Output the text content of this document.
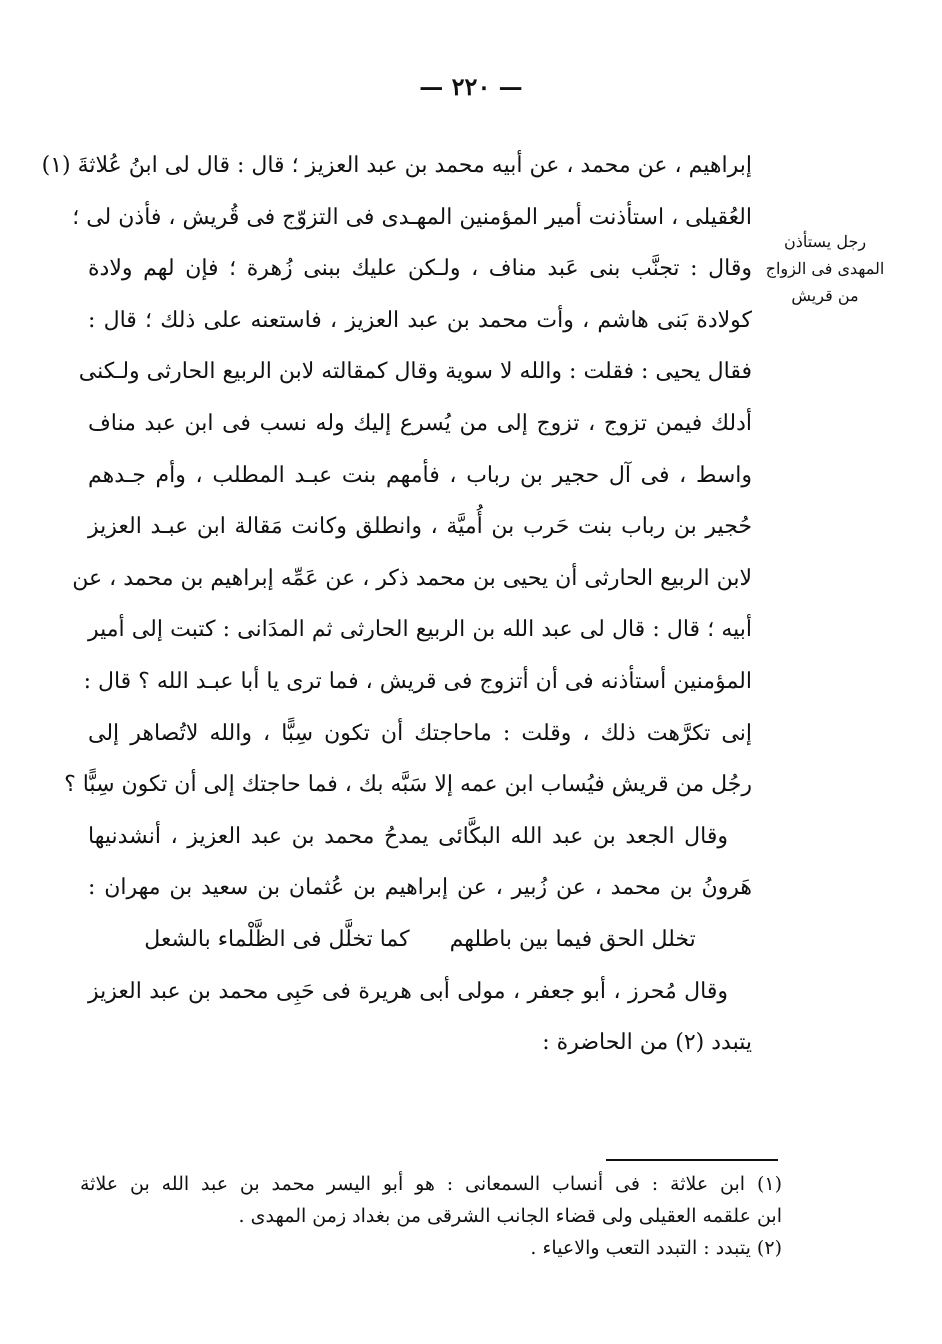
— ٢٢٠ —
رجل يستأذن
المهدى فى الزواج
من قريش
إبراهيم ، عن محمد ، عن أبيه محمد بن عبد العزيز ؛ قال : قال لى ابنُ عُلاثةَ (١)
العُقيلى ، استأذنت أمير المؤمنين المهـدى فى التزوّج فى قُريش ، فأذن لى ؛
وقال : تجنَّب بنى عَبد مناف ، ولـكن عليك ببنى زُهرة ؛ فإن لهم ولادة
كولادة بَنى هاشم ، وأت محمد بن عبد العزيز ، فاستعنه على ذلك ؛ قال :
فقال يحيى : فقلت : والله لا سوية وقال كمقالته لابن الربيع الحارثى ولـكنى
أدلك فيمن تزوج ، تزوج إلى من يُسرع إليك وله نسب فى ابن عبد مناف
واسط ، فى آل حجير بن رباب ، فأمهم بنت عبـد المطلب ، وأم جـدهم
حُجير بن رباب بنت حَرب بن أُميَّة ، وانطلق وكانت مَقالة ابن عبـد العزيز
لابن الربيع الحارثى أن يحيى بن محمد ذكر ، عن عَمِّه إبراهيم بن محمد ، عن
أبيه ؛ قال : قال لى عبد الله بن الربيع الحارثى ثم المدَانى : كتبت إلى أمير
المؤمنين أستأذنه فى أن أتزوج فى قريش ، فما ترى يا أبا عبـد الله ؟ قال :
إنى تكرَّهت ذلك ، وقلت : ماحاجتك أن تكون سِبًّا ، والله لاتُصاهر إلى
رجُل من قريش فيُساب ابن عمه إلا سَبَّه بك ، فما حاجتك إلى أن تكون سِبًّا ؟
وقال الجعد بن عبد الله البكَّائى يمدحُ محمد بن عبد العزيز ، أنشدنيها
هَرونُ بن محمد ، عن زُبير ، عن إبراهيم بن عُثمان بن سعيد بن مهران :
تخلل الحق فيما بين باطلهم
كما تخلَّل فى الظَّلْماء بالشعل
وقال مُحرز ، أبو جعفر ، مولى أبى هريرة فى حَبِى محمد بن عبد العزيز
يتبدد (٢) من الحاضرة :
(١) ابن علاثة : فى أنساب السمعانى : هو أبو اليسر محمد بن عبد الله بن علاثة
ابن علقمه العقيلى ولى قضاء الجانب الشرقى من بغداد زمن المهدى .
(٢) يتبدد : التبدد التعب والاعياء .
